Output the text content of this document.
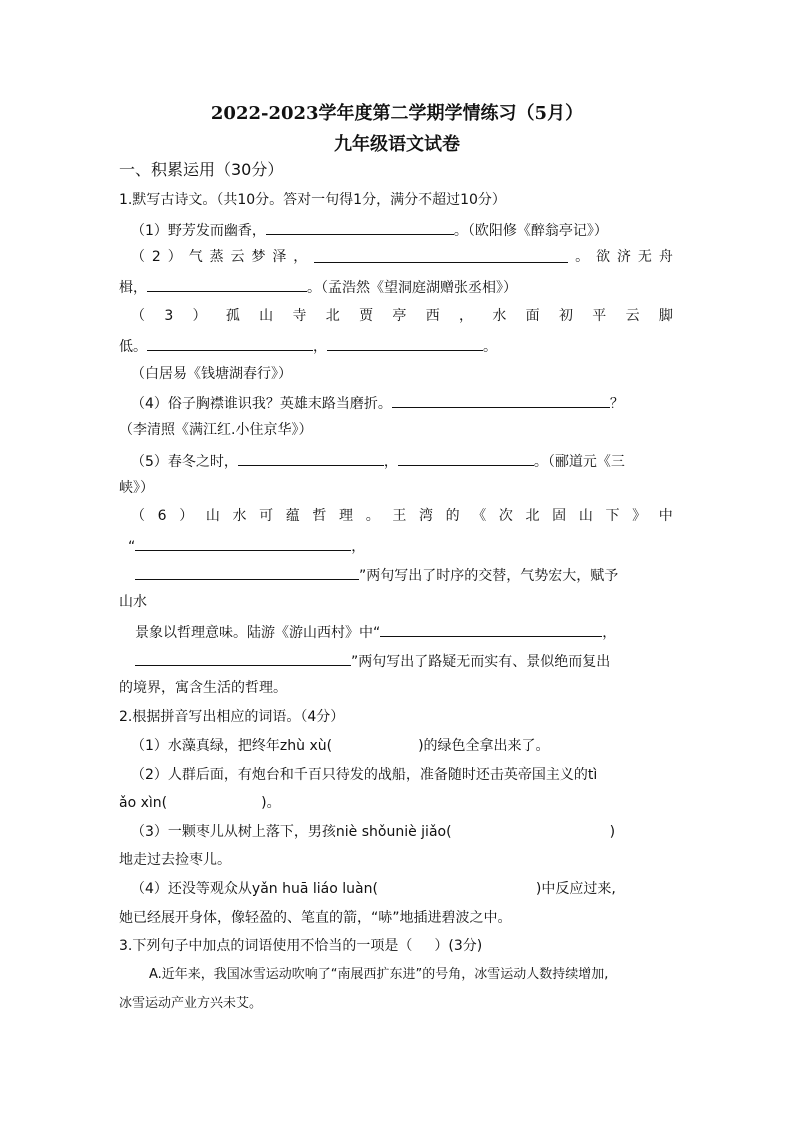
2022-2023学年度第二学期学情练习（5月）
九年级语文试卷
一、积累运用（30分）
1.默写古诗文。（共10分。答对一句得1分，满分不超过10分）
（1）野芳发而幽香，	。（欧阳修《醉翁亭记》）
（ 2 ） 气 蒸 云 梦 泽 ，	。 欲 济 无 舟
楫，	。（孟浩然《望洞庭湖赠张丞相》）
（ 3 ） 孤 山 寺 北 贾 亭 西 ， 水 面 初 平 云 脚
低。	，	。
（白居易《钱塘湖春行》）
（4）俗子胸襟谁识我？英雄末路当磨折。	？
（李清照《满江红.小住京华》）
（5）春冬之时，	，	。（郦道元《三
峡》）
（ 6 ） 山 水 可 蕴 哲 理 。 王 湾 的 《 次 北 固 山 下 》 中
“	，
”两句写出了时序的交替，气势宏大，赋予
山水
景象以哲理意味。陆游《游山西村》中“	，
”两句写出了路疑无而实有、景似绝而复出
的境界，寓含生活的哲理。
2.根据拼音写出相应的词语。（4分）
（1）水藻真绿，把终年zhù xù(	)的绿色全拿出来了。
（2）人群后面，有炮台和千百只待发的战船，准备随时还击英帝国主义的tì
ǎo xìn(	)。
（3）一颗枣儿从树上落下，男孩niè shǒuniè jiǎo(	)
地走过去捡枣儿。
（4）还没等观众从yǎn huā liáo luàn(	)中反应过来,
她已经展开身体，像轻盈的、笔直的箭，“哧”地插进碧波之中。
3.下列句子中加点的词语使用不恰当的一项是（ ）(3分)
A.近年来，我国冰雪运动吹响了“南展西扩东进”的号角，冰雪运动人数持续增加,
冰雪运动产业方兴未艾。
